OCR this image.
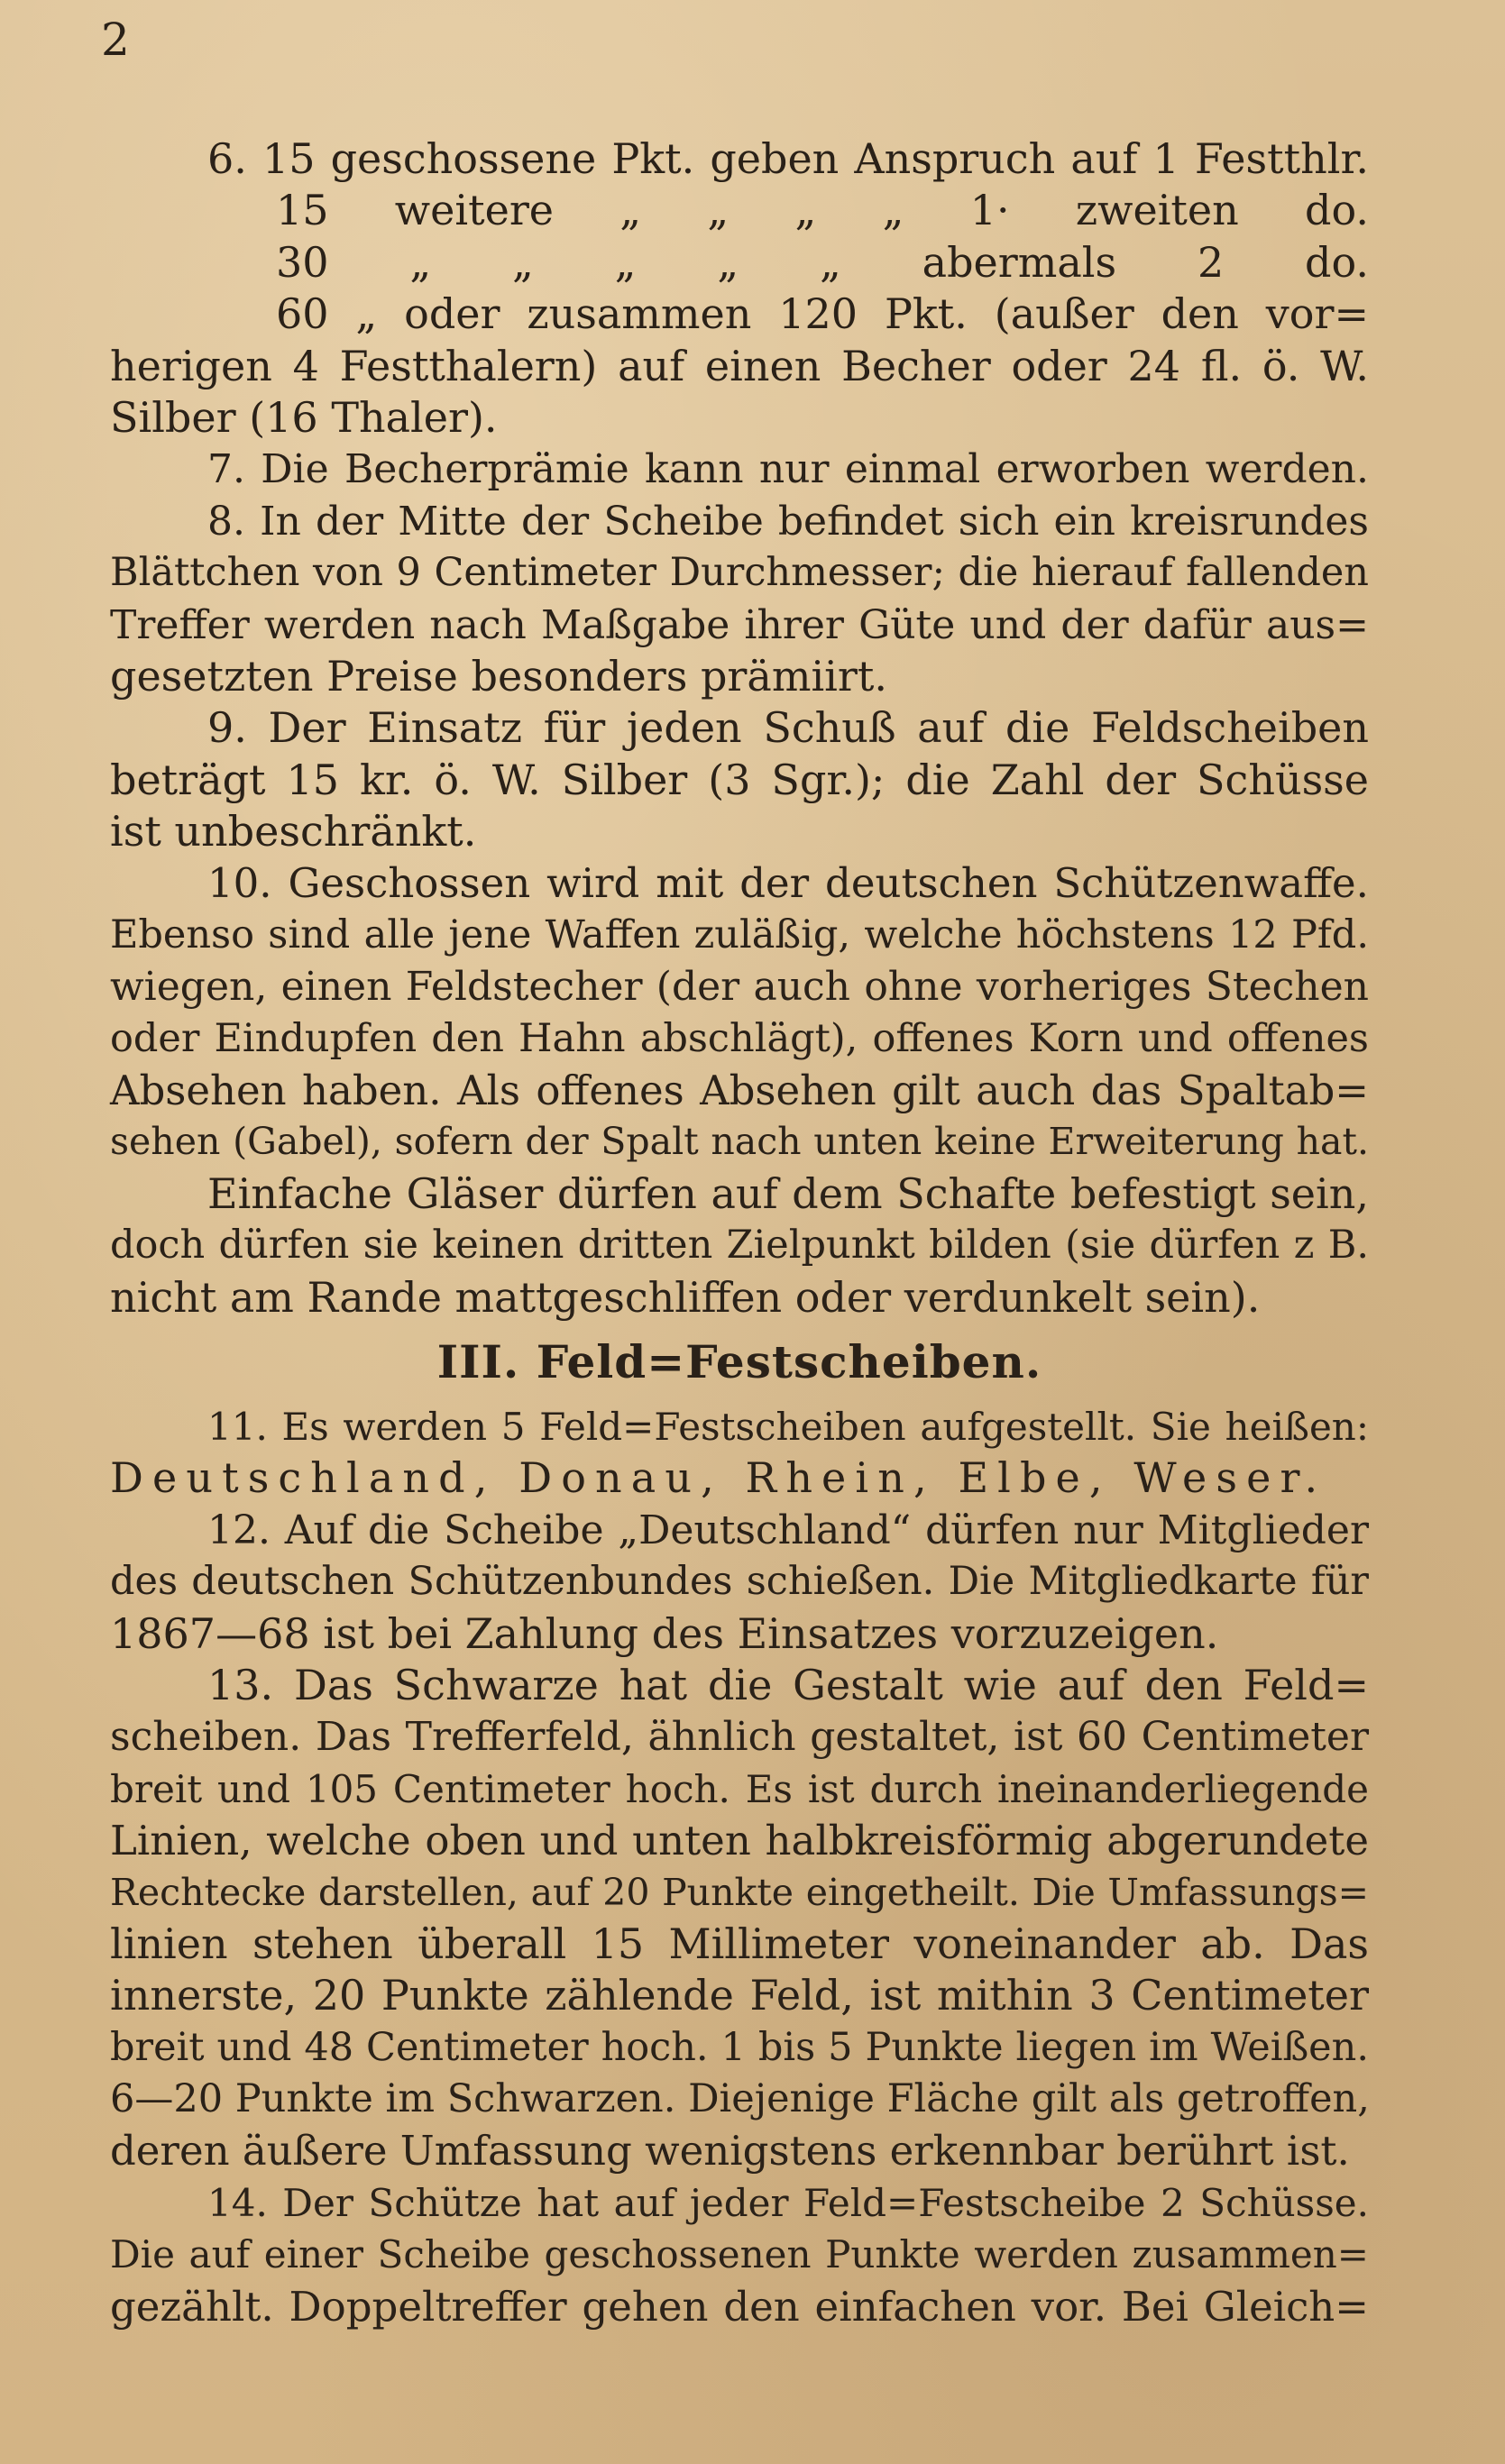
2
6. 15 geschossene Pkt. geben Anspruch auf 1 Festthlr.
15 weitere „ „ „ „ 1· zweiten do.
30 „ „ „ „ „ abermals 2 do.
60 „ oder zusammen 120 Pkt. (außer den vor=
herigen 4 Festthalern) auf einen Becher oder 24 fl. ö. W.
Silber (16 Thaler).
7. Die Becherprämie kann nur einmal erworben werden.
8. In der Mitte der Scheibe befindet sich ein kreisrundes
Blättchen von 9 Centimeter Durchmesser; die hierauf fallenden
Treffer werden nach Maßgabe ihrer Güte und der dafür aus=
gesetzten Preise besonders prämiirt.
9. Der Einsatz für jeden Schuß auf die Feldscheiben
beträgt 15 kr. ö. W. Silber (3 Sgr.); die Zahl der Schüsse
ist unbeschränkt.
10. Geschossen wird mit der deutschen Schützenwaffe.
Ebenso sind alle jene Waffen zuläßig, welche höchstens 12 Pfd.
wiegen, einen Feldstecher (der auch ohne vorheriges Stechen
oder Eindupfen den Hahn abschlägt), offenes Korn und offenes
Absehen haben. Als offenes Absehen gilt auch das Spaltab=
sehen (Gabel), sofern der Spalt nach unten keine Erweiterung hat.
Einfache Gläser dürfen auf dem Schafte befestigt sein,
doch dürfen sie keinen dritten Zielpunkt bilden (sie dürfen z B.
nicht am Rande mattgeschliffen oder verdunkelt sein).
III. Feld=Festscheiben.
11. Es werden 5 Feld=Festscheiben aufgestellt. Sie heißen:
Deutschland, Donau, Rhein, Elbe, Weser.
12. Auf die Scheibe „Deutschland“ dürfen nur Mitglieder
des deutschen Schützenbundes schießen. Die Mitgliedkarte für
1867—68 ist bei Zahlung des Einsatzes vorzuzeigen.
13. Das Schwarze hat die Gestalt wie auf den Feld=
scheiben. Das Trefferfeld, ähnlich gestaltet, ist 60 Centimeter
breit und 105 Centimeter hoch. Es ist durch ineinanderliegende
Linien, welche oben und unten halbkreisförmig abgerundete
Rechtecke darstellen, auf 20 Punkte eingetheilt. Die Umfassungs=
linien stehen überall 15 Millimeter voneinander ab. Das
innerste, 20 Punkte zählende Feld, ist mithin 3 Centimeter
breit und 48 Centimeter hoch. 1 bis 5 Punkte liegen im Weißen.
6—20 Punkte im Schwarzen. Diejenige Fläche gilt als getroffen,
deren äußere Umfassung wenigstens erkennbar berührt ist.
14. Der Schütze hat auf jeder Feld=Festscheibe 2 Schüsse.
Die auf einer Scheibe geschossenen Punkte werden zusammen=
gezählt. Doppeltreffer gehen den einfachen vor. Bei Gleich=
